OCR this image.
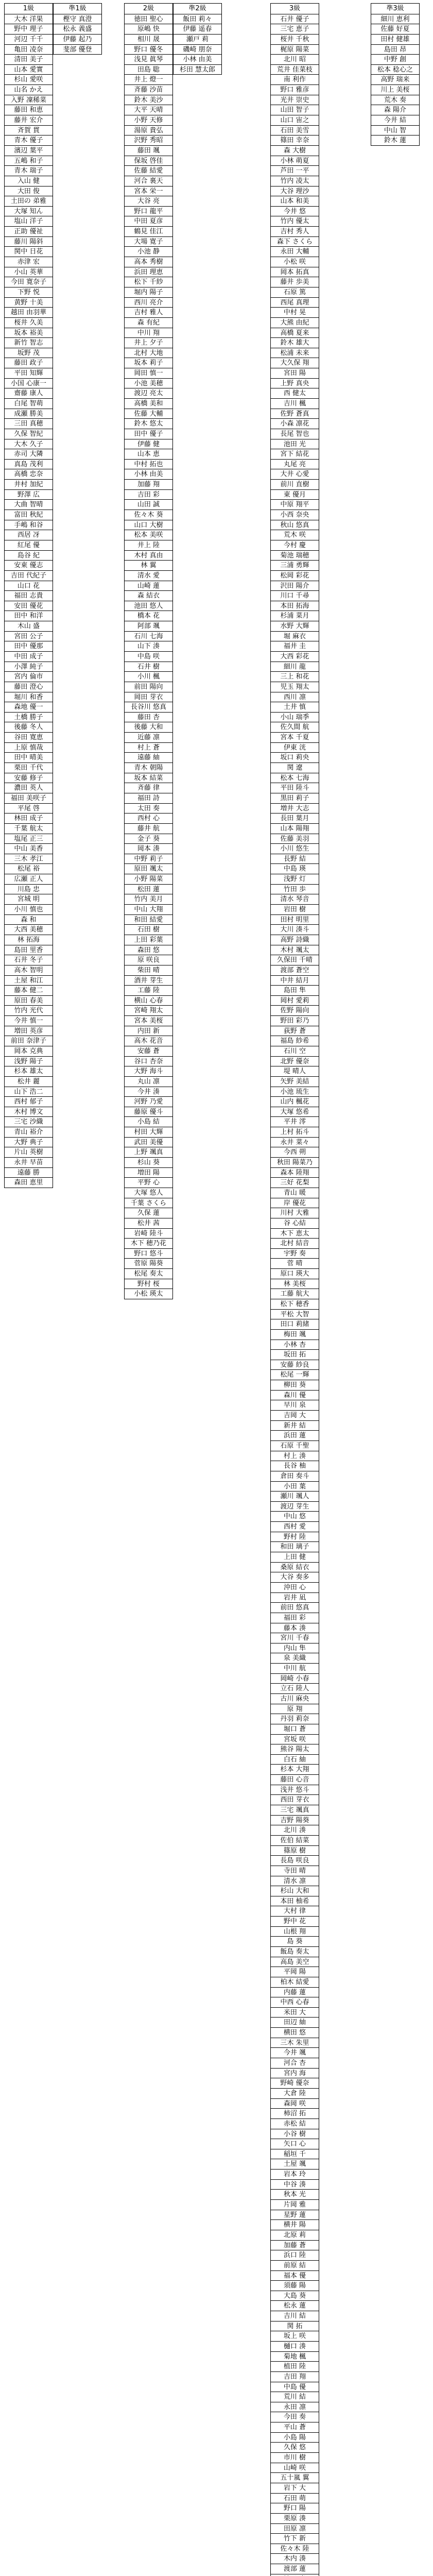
1級
大木 洋果
野中 理子
河辺 千千
亀田 凌奈
清田 美子
山本 愛實
杉山 愛咲
山名 かえ
入野 凜稀菜
藤田 和恵
藤井 宏介
斉賀 貫
青木 優子
濱辺 葉平
五嶋 和子
青木 瑞子
入山 健
大田 俊
土田の 弟雅
大塚 知ん
塩山 洋子
正助 優祉
藤川 陽斜
関中 日花
赤津 宏
小山 英華
今田 寛奈子
下野 悦
黄野 十美
越田 由羽華
桜井 久美
坂本 裕美
新竹 智志
坂野 茂
藤田 政子
平田 知輝
小国 心康一
齋藤 康人
白尾 智萌
成瀬 勝美
三田 真穂
久保 智紀
大木 久子
赤司 大隣
真島 茂利
高橋 忠奈
井村 加紀
野澤 広
大曲 智晴
富田 秋紀
手嶋 和谷
西居 冴
紅尾 優
島谷 紀
安東 優志
吉田 代紀子
山口 花
福田 志貴
安田 優花
田中 和洋
木山 盛
宮田 公子
田中 優那
中田 成子
小澤 純子
宮内 倫市
藤田 澄心
堀川 和香
森地 優一
土橋 勝子
後藤 冬人
谷田 寛恵
上原 慎哉
田中 晴美
栗田 千代
安藤 修子
濃田 英人
福田 美咲子
平尾 啓
林田 成子
千葉 航太
塩尾 正三
中山 美香
三木 孝江
松尾 裕
広瀬 正人
川島 忠
宮城 明
小川 慎也
森 和
大西 美穂
林 拓海
島田 里香
石井 冬子
高木 智明
土屋 和江
藤本 健二
原田 春美
竹内 光代
今井 慎一
増田 英彦
前田 奈津子
岡本 克典
浅野 陽子
杉本 雄太
松井 麗
山下 浩二
西村 郁子
木村 博文
三宅 沙織
青山 裕介
大野 典子
片山 英樹
永井 早苗
遠藤 勝
森田 恵里
準1級
樫守 真澄
松永 義盛
伊藤 起乃
斐部 優登
2級
徳田 聖心
原嶋 快
相川 晟
野口 優冬
浅見 眞琴
田島 聡
井上 燈一
斉藤 沙苗
鈴木 美沙
大平 天晴
小野 天修
湯原 貴弘
沢野 秀昭
藤田 颯
保坂 啓佳
佐藤 結愛
河合 裏天
宮本 栄一
大谷 亮
野口 龍平
中田 夏彦
鶴見 佳江
大場 寛子
小池 静
高本 秀樹
浜田 理恵
松下 千紗
堀内 陽子
西川 亮介
吉村 雅人
森 有紀
中川 翔
井上 夕子
北村 大地
坂本 莉子
岡田 慎一
小池 美穂
渡辺 亮太
高橋 美和
佐藤 大輔
鈴木 悠太
田中 優子
伊藤 健
山本 恵
中村 拓也
小林 由美
加藤 翔
吉田 彩
山田 誠
佐々木 葵
山口 大樹
松本 美咲
井上 陸
木村 真由
林 翼
清水 愛
山崎 蓮
森 結衣
池田 悠人
橋本 花
阿部 颯
石川 七海
山下 湊
中島 咲
石井 樹
小川 楓
前田 陽向
岡田 芽衣
長谷川 悠真
藤田 杏
後藤 大和
近藤 凛
村上 蒼
遠藤 紬
青木 朝陽
坂本 結菜
斉藤 律
福田 詩
太田 奏
西村 心
藤井 航
金子 葵
岡本 湊
中野 莉子
原田 颯太
小野 陽菜
松田 蓮
竹内 美月
中山 大翔
和田 結愛
石田 樹
上田 彩葉
森田 悠
原 咲良
柴田 晴
酒井 芽生
工藤 陸
横山 心春
宮崎 翔太
宮本 美桜
内田 新
高木 花音
安藤 蒼
谷口 杏奈
大野 海斗
丸山 凛
今井 湊
河野 乃愛
藤原 優斗
小島 結
村田 大輝
武田 美優
上野 颯真
杉山 葵
増田 陽
平野 心
大塚 悠人
千葉 さくら
久保 蓮
松井 茜
岩崎 陸斗
木下 穂乃花
野口 悠斗
菅原 陽葵
松尾 奏太
野村 桜
小松 瑛太
準2級
飯田 莉々
伊藤 遥春
瀬戸 莉
磯崎 朋奈
小林 由美
杉田 慧太郎
3級
石井 優子
三宅 恵子
桜井 千秋
梶原 陽菜
北川 昭
荒井 佳菜枝
南 利作
野口 雅彦
光井 崇史
山田 智子
山口 宙之
石田 美雪
篠田 幸奈
森 大樹
小林 萌夏
芦田 一平
竹内 凌太
大谷 理沙
山本 和美
今井 悠
竹内 優太
吉村 秀人
森下 さくら
永田 大輔
小松 咲
岡本 拓真
藤井 歩美
石原 篤
西尾 真理
中村 晃
大熊 由紀
高橋 夏来
鈴木 雄大
松浦 未来
大久保 翔
宮田 陽
上野 真央
西 健太
吉川 楓
佐野 蒼真
小森 凛花
長尾 智也
池田 光
宮下 結花
丸尾 亮
大井 心愛
前川 直樹
東 優月
中原 翔平
小西 奈央
秋山 悠真
荒木 咲
今村 慶
菊池 瑞穂
三浦 勇輝
松岡 彩花
沢田 陽介
川口 千尋
本田 拓海
杉浦 菜月
水野 大輝
堀 麻衣
福井 圭
大西 彩花
細川 龍
三上 和花
児玉 翔太
西川 凛
土井 慎
小山 瑞季
佐久間 航
宮本 千夏
伊東 洸
坂口 莉央
関 遼
松本 七海
平田 陸斗
黒田 莉子
増井 大志
長田 葉月
山本 陽翔
佐藤 美羽
小川 悠生
長野 結
中島 瑛
浅野 灯
竹田 歩
清水 琴音
岩田 樹
田村 明里
大川 湊斗
高野 詩織
木村 颯太
久保田 千晴
渡部 蒼空
中井 結月
島田 隼
岡村 愛莉
佐野 陽向
野田 彩乃
荻野 蒼
福島 紗希
石川 空
北野 優奈
堤 晴人
矢野 美結
小池 琉生
山内 楓花
大塚 悠希
平井 澪
上村 拓斗
永井 菜々
今西 朔
秋田 陽菜乃
森本 陸翔
三好 花梨
青山 暖
岸 優花
川村 大雅
谷 心結
木下 恵太
北村 結音
宇野 奏
菅 晴
原口 瑛大
林 美桜
工藤 航大
松下 穂香
平松 大智
田口 莉緒
梅田 颯
小林 杏
坂田 拓
安藤 紗良
松尾 一輝
柳田 葵
森川 優
早川 泉
吉岡 大
新井 結
浜田 蓮
石原 千聖
村上 湊
長谷 柚
倉田 奏斗
小田 葉
瀬川 颯人
渡辺 芽生
中山 悠
西村 愛
野村 陸
和田 璃子
上田 健
桑原 結衣
大谷 奏多
沖田 心
岩井 凪
前田 悠真
福田 彩
藤本 湊
宮川 千春
内山 隼
泉 美織
中川 航
岡崎 小春
立石 陸人
古川 麻央
原 翔
丹羽 莉奈
堀口 蒼
宮坂 咲
熊谷 陽太
白石 紬
杉本 大翔
藤田 心音
浅井 悠斗
西田 芽衣
三宅 颯真
吉野 陽葵
北川 湊
佐伯 結菜
篠原 樹
長島 咲良
寺田 晴
清水 凛
杉山 大和
本田 柚希
大村 律
野中 花
山根 翔
島 葵
飯島 奏太
高島 美空
平岡 陽
柏木 結愛
内藤 蓮
中西 心春
米田 大
田辺 紬
横田 悠
三木 朱里
今井 颯
河合 杏
宮内 海
野崎 優奈
大倉 陸
森岡 咲
柿沼 拓
赤松 結
小谷 樹
矢口 心
稲垣 千
土屋 颯
岩本 玲
中谷 湊
秋本 光
片岡 雅
星野 蓮
横井 陽
北原 莉
加藤 蒼
浜口 陸
前原 結
福本 優
須藤 陽
大島 葵
松永 蓮
吉川 結
関 拓
坂上 咲
樋口 湊
菊地 楓
植田 陸
吉田 翔
中島 優
荒川 結
永田 凛
今田 奏
平山 蒼
小島 陽
久保 悠
市川 樹
山崎 咲
五十嵐 翼
岩下 大
石田 萌
野口 陽
栗原 湊
田原 凛
竹下 新
佐々木 陸
木内 湊
渡部 蓮
準3級
細川 恵利
佐藤 好夏
田村 健雄
島田 昂
中野 創
松本 稔心之
高野 瑞来
川上 美桜
荒木 奏
森 陽介
今井 結
中山 智
鈴木 蓮
